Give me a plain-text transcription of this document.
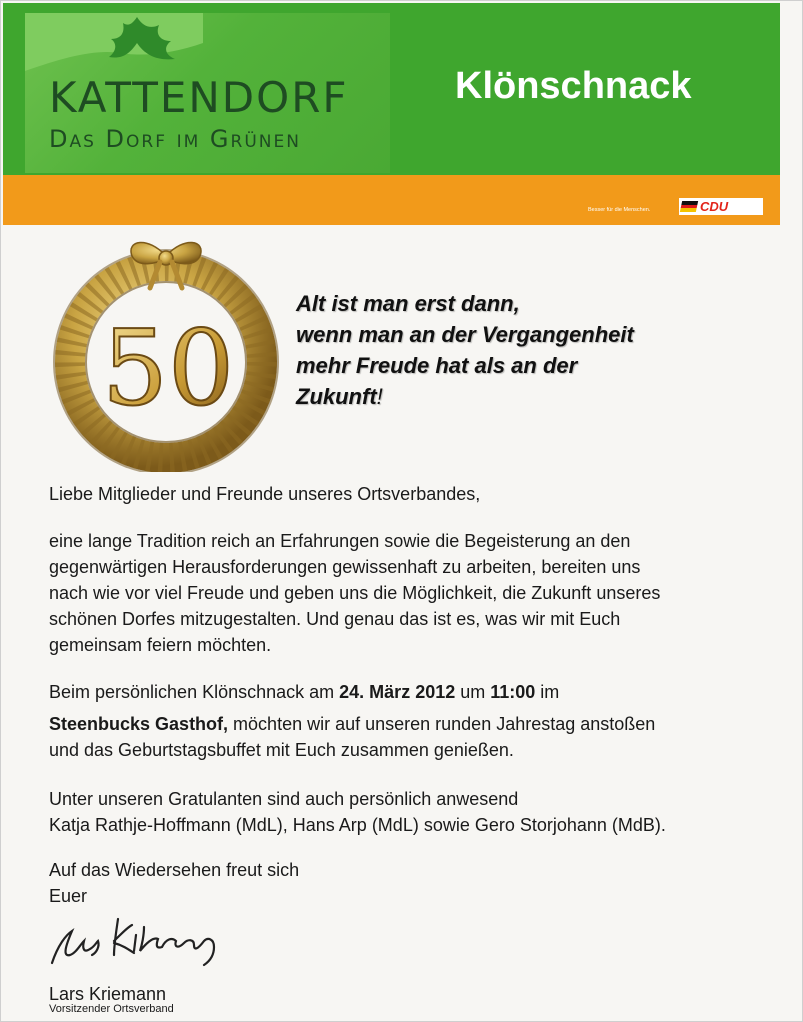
KATTENDORF
Das Dorf im Grünen
Klönschnack
Besser für die Menschen.	CDU
50
Alt ist man erst dann,
wenn man an der Vergangenheit
mehr Freude hat als an der
Zukunft!
Liebe Mitglieder und Freunde unseres Ortsverbandes,
eine lange Tradition reich an Erfahrungen sowie die Begeisterung an den
gegenwärtigen Herausforderungen gewissenhaft zu arbeiten, bereiten uns
nach wie vor viel Freude und geben uns die Möglichkeit, die Zukunft unseres
schönen Dorfes mitzugestalten. Und genau das ist es, was wir mit Euch
gemeinsam feiern möchten.
Beim persönlichen Klönschnack am 24. März 2012 um 11:00 im
Steenbucks Gasthof, möchten wir auf unseren runden Jahrestag anstoßen
und das Geburtstagsbuffet mit Euch zusammen genießen.
Unter unseren Gratulanten sind auch persönlich anwesend
Katja Rathje-Hoffmann (MdL), Hans Arp (MdL) sowie Gero Storjohann (MdB).
Auf das Wiedersehen freut sich
Euer
Lars Kriemann
Vorsitzender Ortsverband
